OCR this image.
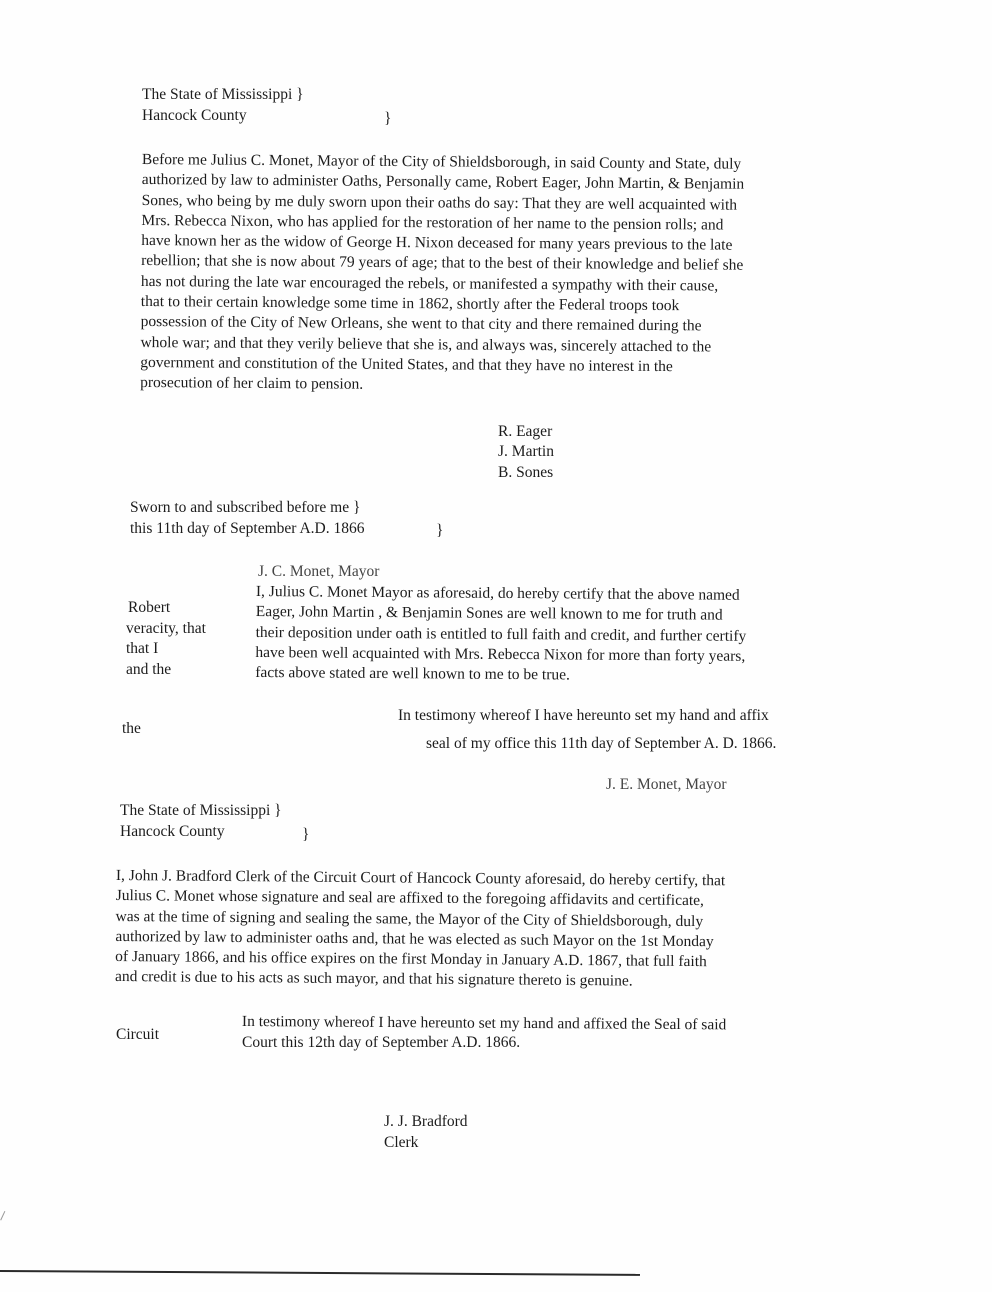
The State of Mississippi }
Hancock County	}
Before me Julius C. Monet, Mayor of the City of Shieldsborough, in said County and State, duly
authorized by law to administer Oaths, Personally came, Robert Eager, John Martin, & Benjamin
Sones, who being by me duly sworn upon their oaths do say: That they are well acquainted with
Mrs. Rebecca Nixon, who has applied for the restoration of her name to the pension rolls; and
have known her as the widow of George H. Nixon deceased for many years previous to the late
rebellion; that she is now about 79 years of age; that to the best of their knowledge and belief she
has not during the late war encouraged the rebels, or manifested a sympathy with their cause,
that to their certain knowledge some time in 1862, shortly after the Federal troops took
possession of the City of New Orleans, she went to that city and there remained during the
whole war; and that they verily believe that she is, and always was, sincerely attached to the
government and constitution of the United States, and that they have no interest in the
prosecution of her claim to pension.
R. Eager
J. Martin
B. Sones
Sworn to and subscribed before me }
this 11th day of September A.D. 1866	}
J. C. Monet, Mayor
Robert
veracity, that
that I
and the
I, Julius C. Monet Mayor as aforesaid, do hereby certify that the above named
Eager, John Martin , & Benjamin Sones are well known to me for truth and
their deposition under oath is entitled to full faith and credit, and further certify
have been well acquainted with Mrs. Rebecca Nixon for more than forty years,
facts above stated are well known to me to be true.
the
In testimony whereof I have hereunto set my hand and affix
seal of my office this 11th day of September A. D. 1866.
J. E. Monet, Mayor
The State of Mississippi }
Hancock County	}
I, John J. Bradford Clerk of the Circuit Court of Hancock County aforesaid, do hereby certify, that
Julius C. Monet whose signature and seal are affixed to the foregoing affidavits and certificate,
was at the time of signing and sealing the same, the Mayor of the City of Shieldsborough, duly
authorized by law to administer oaths and, that he was elected as such Mayor on the 1st Monday
of January 1866, and his office expires on the first Monday in January A.D. 1867, that full faith
and credit is due to his acts as such mayor, and that his signature thereto is genuine.
Circuit
In testimony whereof I have hereunto set my hand and affixed the Seal of said
Court this 12th day of September A.D. 1866.
J. J. Bradford
Clerk
